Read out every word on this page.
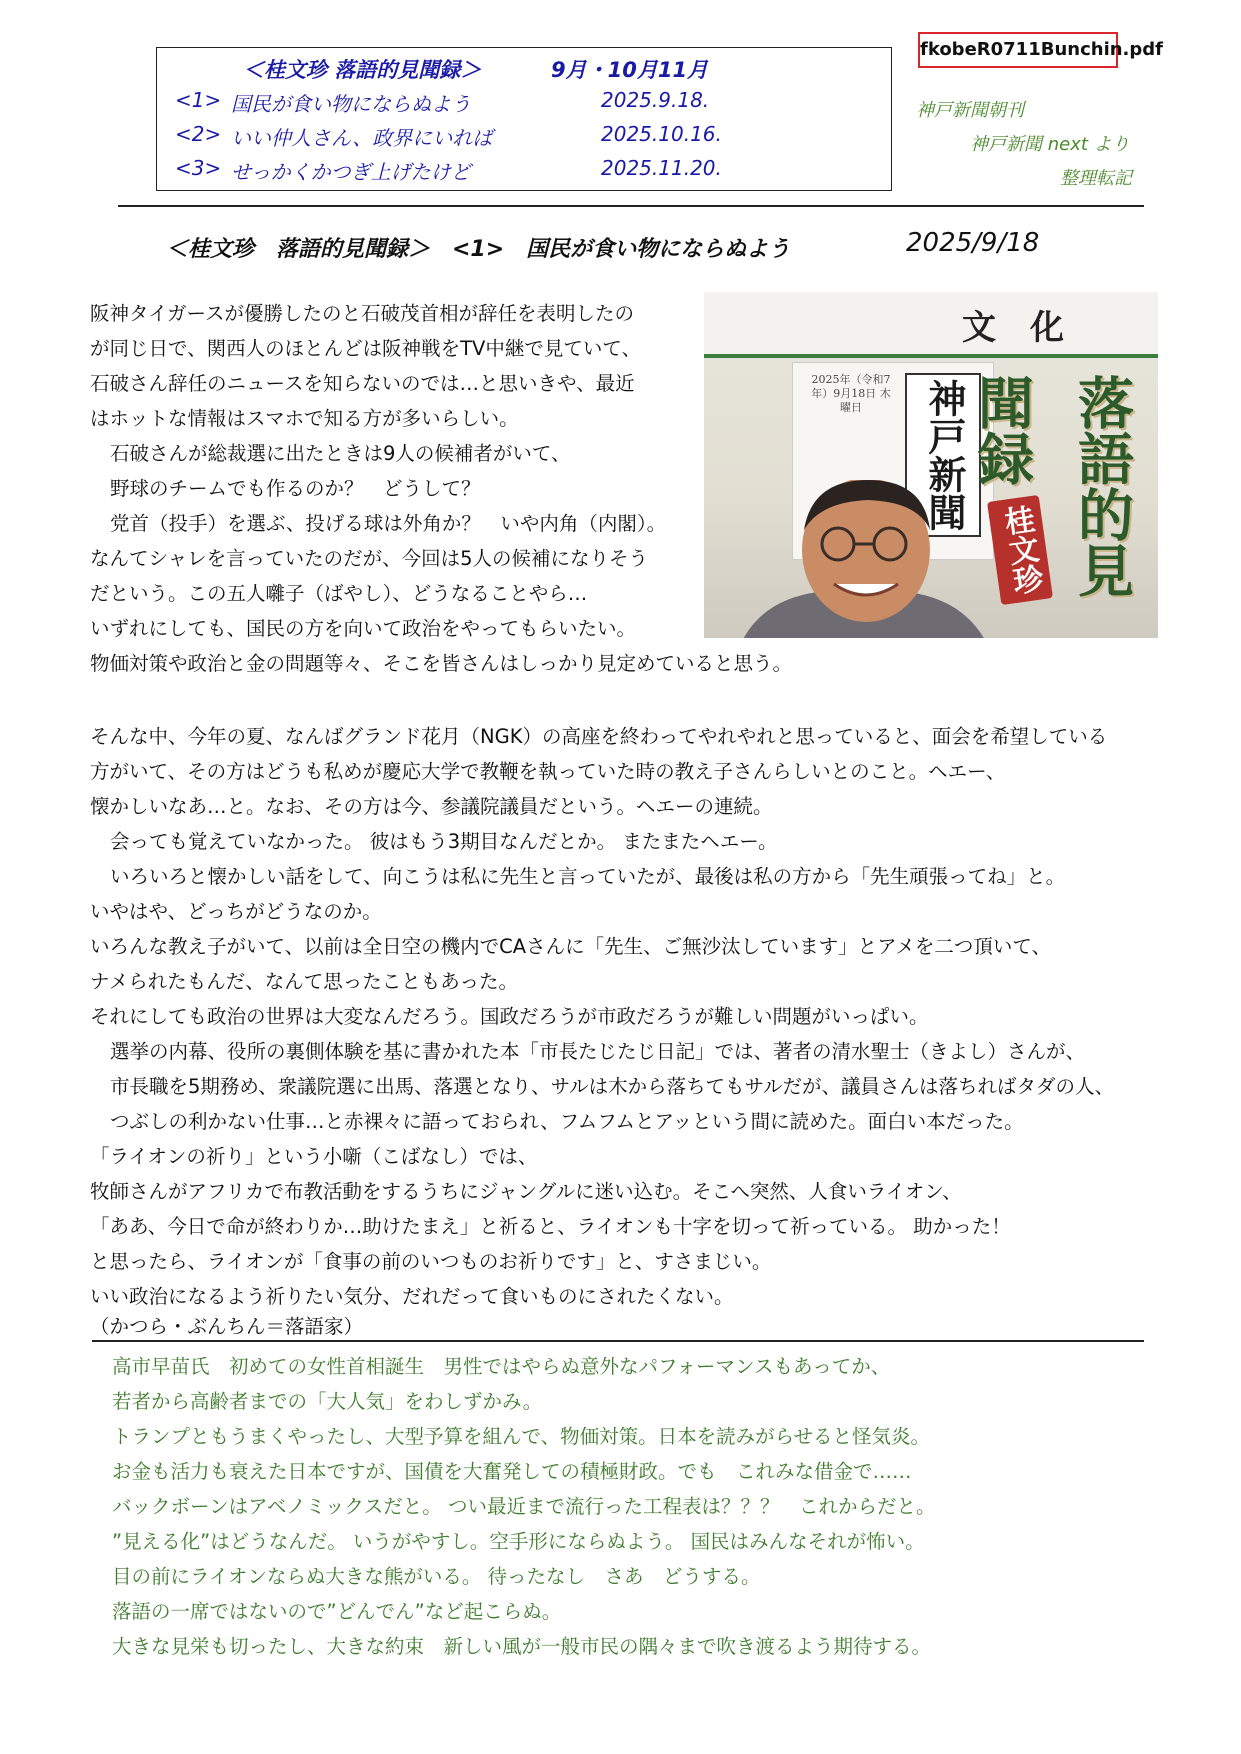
＜桂文珍 落語的見聞録＞	9月・10月11月
<1> 国民が食い物にならぬよう	2025.9.18.
<2> いい仲人さん、政界にいれば	2025.10.16.
<3> せっかくかつぎ上げたけど	2025.11.20.
fkobeR0711Bunchin.pdf
神戸新聞朝刊
神戸新聞 next より
整理転記
＜桂文珍　落語的見聞録＞　<1>　国民が食い物にならぬよう	2025/9/18
文化
2025年（令和7年）9月18日 木曜日	神戸新聞	落語的見聞録
桂文珍
阪神タイガースが優勝したのと石破茂首相が辞任を表明したの
が同じ日で、関西人のほとんどは阪神戦をTV中継で見ていて、
石破さん辞任のニュースを知らないのでは…と思いきや、最近
はホットな情報はスマホで知る方が多いらしい。
石破さんが総裁選に出たときは9人の候補者がいて、
野球のチームでも作るのか？　どうして？
党首（投手）を選ぶ、投げる球は外角か？　いや内角（内閣）。
なんてシャレを言っていたのだが、今回は5人の候補になりそう
だという。この五人囃子（ばやし）、どうなることやら…
いずれにしても、国民の方を向いて政治をやってもらいたい。
物価対策や政治と金の問題等々、そこを皆さんはしっかり見定めていると思う。
そんな中、今年の夏、なんばグランド花月（NGK）の高座を終わってやれやれと思っていると、面会を希望している
方がいて、その方はどうも私めが慶応大学で教鞭を執っていた時の教え子さんらしいとのこと。ヘエー、
懐かしいなあ…と。なお、その方は今、参議院議員だという。ヘエーの連続。
会っても覚えていなかった。 彼はもう3期目なんだとか。 またまたヘエー。
いろいろと懐かしい話をして、向こうは私に先生と言っていたが、最後は私の方から「先生頑張ってね」と。
いやはや、どっちがどうなのか。
いろんな教え子がいて、以前は全日空の機内でCAさんに「先生、ご無沙汰しています」とアメを二つ頂いて、
ナメられたもんだ、なんて思ったこともあった。
それにしても政治の世界は大変なんだろう。国政だろうが市政だろうが難しい問題がいっぱい。
選挙の内幕、役所の裏側体験を基に書かれた本「市長たじたじ日記」では、著者の清水聖士（きよし）さんが、
市長職を5期務め、衆議院選に出馬、落選となり、サルは木から落ちてもサルだが、議員さんは落ちればタダの人、
つぶしの利かない仕事…と赤裸々に語っておられ、フムフムとアッという間に読めた。面白い本だった。
「ライオンの祈り」という小噺（こばなし）では、
牧師さんがアフリカで布教活動をするうちにジャングルに迷い込む。そこへ突然、人食いライオン、
「ああ、今日で命が終わりか…助けたまえ」と祈ると、ライオンも十字を切って祈っている。 助かった！
と思ったら、ライオンが「食事の前のいつものお祈りです」と、すさまじい。
いい政治になるよう祈りたい気分、だれだって食いものにされたくない。
（かつら・ぶんちん＝落語家）
高市早苗氏　初めての女性首相誕生　男性ではやらぬ意外なパフォーマンスもあってか、
若者から高齢者までの「大人気」をわしずかみ。
トランプともうまくやったし、大型予算を組んで、物価対策。日本を読みがらせると怪気炎。
お金も活力も衰えた日本ですが、国債を大奮発しての積極財政。でも　これみな借金で……
バックボーンはアベノミックスだと。 つい最近まで流行った工程表は？？？　これからだと。
”見える化”はどうなんだ。 いうがやすし。空手形にならぬよう。 国民はみんなそれが怖い。
目の前にライオンならぬ大きな熊がいる。 待ったなし　さあ　どうする。
落語の一席ではないので”どんでん”など起こらぬ。
大きな見栄も切ったし、大きな約束　新しい風が一般市民の隅々まで吹き渡るよう期待する。
